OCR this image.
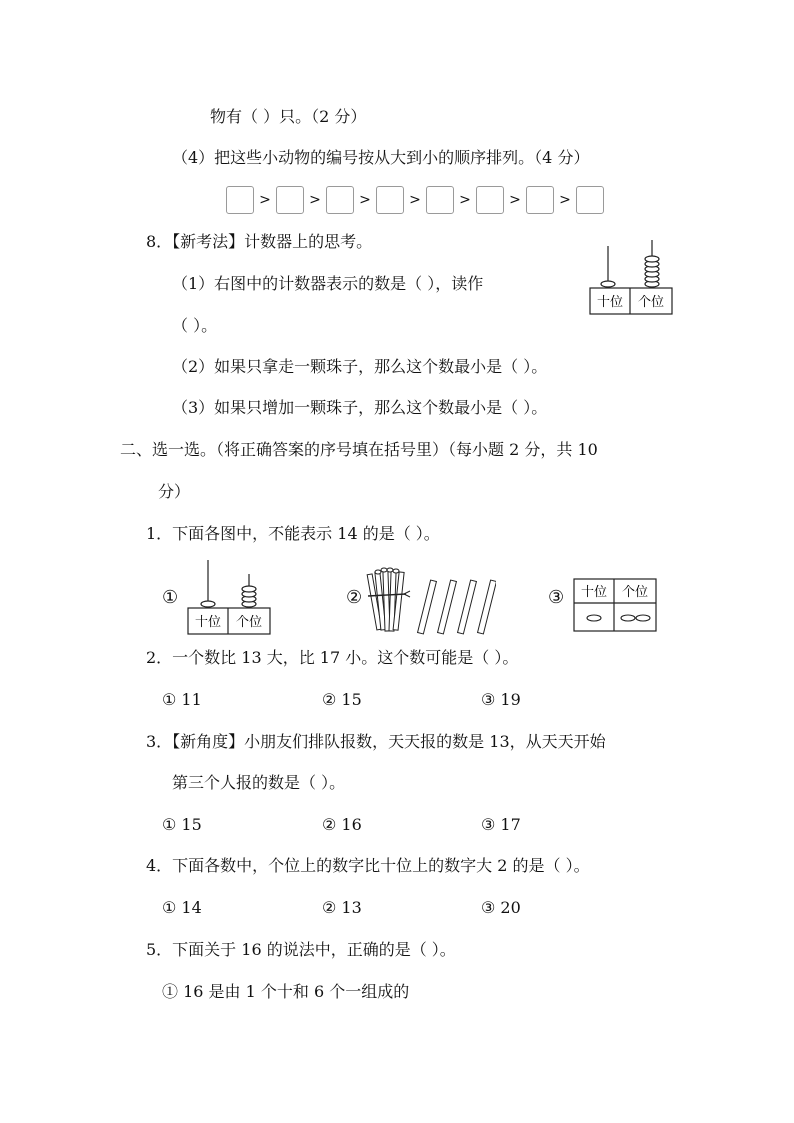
物有（ ）只。（2 分）
（4）把这些小动物的编号按从大到小的顺序排列。（4 分）
>	>	>	>	>	>	>
8．【新考法】计数器上的思考。
（1）右图中的计数器表示的数是（ ），读作
（ ）。
（2）如果只拿走一颗珠子，那么这个数最小是（ ）。
（3）如果只增加一颗珠子，那么这个数最小是（ ）。
十位 个位
二、选一选。（将正确答案的序号填在括号里）（每小题 2 分，共 10
分）
1．下面各图中，不能表示 14 的是（ ）。
①
十位 个位
②	③ 十位 个位
2．一个数比 13 大，比 17 小。这个数可能是（ ）。
① 11	② 15	③ 19
3．【新角度】小朋友们排队报数，天天报的数是 13，从天天开始
第三个人报的数是（ ）。
① 15	② 16	③ 17
4．下面各数中，个位上的数字比十位上的数字大 2 的是（ ）。
① 14	② 13	③ 20
5．下面关于 16 的说法中，正确的是（ ）。
① 16 是由 1 个十和 6 个一组成的
